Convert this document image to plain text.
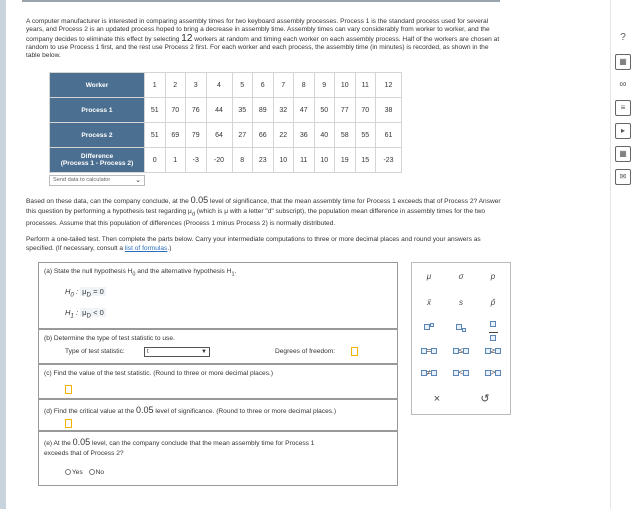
?
▦
∞
≡
▸
▦
✉
A computer manufacturer is interested in comparing assembly times for two keyboard assembly processes. Process 1 is the standard process used for several
years, and Process 2 is an updated process hoped to bring a decrease in assembly time. Assembly times can vary considerably from worker to worker, and the
company decides to eliminate this effect by selecting 12 workers at random and timing each worker on each assembly process. Half of the workers are chosen at
random to use Process 1 first, and the rest use Process 2 first. For each worker and each process, the assembly time (in minutes) is recorded, as shown in the
table below.
Worker	1	2	3	4	5	6	7	8	9	10	11	12
Process 1	51	70	76	44	35	89	32	47	50	77	70	38
Process 2	51	69	79	64	27	66	22	36	40	58	55	61

Difference
(Process 1 - Process 2)	0	1	-3	-20	8	23	10	11	10	19	15	-23
Send data to calculator	⌄
Based on these data, can the company conclude, at the 0.05 level of significance, that the mean assembly time for Process 1 exceeds that of Process 2? Answer
this question by performing a hypothesis test regarding $\mu_d$ (which is μ with a letter "d" subscript), the population mean difference in assembly times for the two
processes. Assume that this population of differences (Process 1 minus Process 2) is normally distributed.
Perform a one-tailed test. Then complete the parts below. Carry your intermediate computations to three or more decimal places and round your answers as
specified. (If necessary, consult a list of formulas.)
(a) State the null hypothesis $H_0$ and the alternative hypothesis $H_1$.
$H_0$ : $\mu_D = 0$
$H_1$ : $\mu_D < 0$
(b) Determine the type of test statistic to use.
Type of test statistic:	t	▼	Degrees of freedom:
(c) Find the value of the test statistic. (Round to three or more decimal places.)
(d) Find the critical value at the 0.05 level of significance. (Round to three or more decimal places.)
(e) At the 0.05 level, can the company conclude that the mean assembly time for Process 1
exceeds that of Process 2?
Yes No
μ	σ	p
x̄	s	p̂

=	≤	≥
≠	<	>
×	↺
